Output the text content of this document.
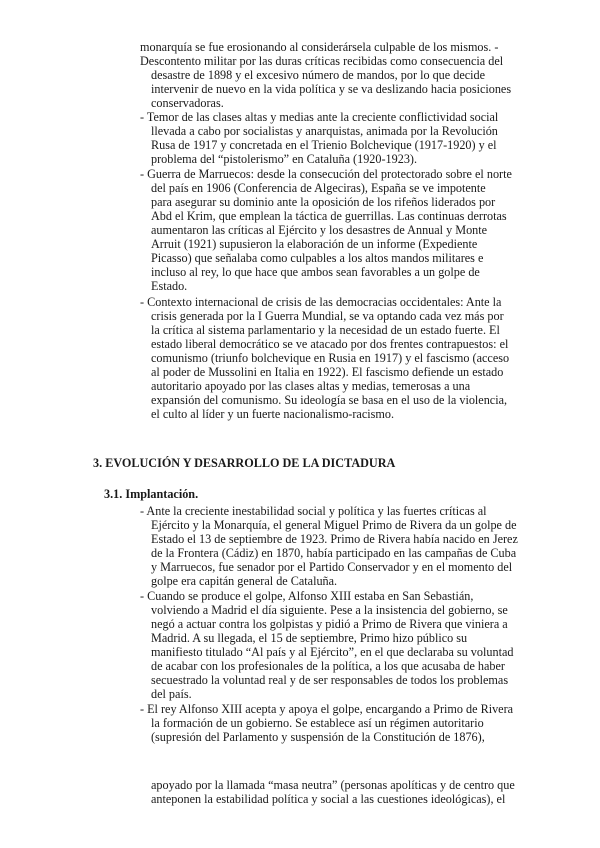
monarquía se fue erosionando al considerársela culpable de los mismos. -
Descontento militar por las duras críticas recibidas como consecuencia del
desastre de 1898 y el excesivo número de mandos, por lo que decide
intervenir de nuevo en la vida política y se va deslizando hacia posiciones
conservadoras.
- Temor de las clases altas y medias ante la creciente conflictividad social
llevada a cabo por socialistas y anarquistas, animada por la Revolución
Rusa de 1917 y concretada en el Trienio Bolchevique (1917-1920) y el
problema del “pistolerismo” en Cataluña (1920-1923).
- Guerra de Marruecos: desde la consecución del protectorado sobre el norte
del país en 1906 (Conferencia de Algeciras), España se ve impotente
para asegurar su dominio ante la oposición de los rifeños liderados por
Abd el Krim, que emplean la táctica de guerrillas. Las continuas derrotas
aumentaron las críticas al Ejército y los desastres de Annual y Monte
Arruit (1921) supusieron la elaboración de un informe (Expediente
Picasso) que señalaba como culpables a los altos mandos militares e
incluso al rey, lo que hace que ambos sean favorables a un golpe de
Estado.
- Contexto internacional de crisis de las democracias occidentales: Ante la
crisis generada por la I Guerra Mundial, se va optando cada vez más por
la crítica al sistema parlamentario y la necesidad de un estado fuerte. El
estado liberal democrático se ve atacado por dos frentes contrapuestos: el
comunismo (triunfo bolchevique en Rusia en 1917) y el fascismo (acceso
al poder de Mussolini en Italia en 1922). El fascismo defiende un estado
autoritario apoyado por las clases altas y medias, temerosas a una
expansión del comunismo. Su ideología se basa en el uso de la violencia,
el culto al líder y un fuerte nacionalismo-racismo.
3. EVOLUCIÓN Y DESARROLLO DE LA DICTADURA
3.1. Implantación.
- Ante la creciente inestabilidad social y política y las fuertes críticas al
Ejército y la Monarquía, el general Miguel Primo de Rivera da un golpe de
Estado el 13 de septiembre de 1923. Primo de Rivera había nacido en Jerez
de la Frontera (Cádiz) en 1870, había participado en las campañas de Cuba
y Marruecos, fue senador por el Partido Conservador y en el momento del
golpe era capitán general de Cataluña.
- Cuando se produce el golpe, Alfonso XIII estaba en San Sebastián,
volviendo a Madrid el día siguiente. Pese a la insistencia del gobierno, se
negó a actuar contra los golpistas y pidió a Primo de Rivera que viniera a
Madrid. A su llegada, el 15 de septiembre, Primo hizo público su
manifiesto titulado “Al país y al Ejército”, en el que declaraba su voluntad
de acabar con los profesionales de la política, a los que acusaba de haber
secuestrado la voluntad real y de ser responsables de todos los problemas
del país.
- El rey Alfonso XIII acepta y apoya el golpe, encargando a Primo de Rivera
la formación de un gobierno. Se establece así un régimen autoritario
(supresión del Parlamento y suspensión de la Constitución de 1876),
apoyado por la llamada “masa neutra” (personas apolíticas y de centro que
anteponen la estabilidad política y social a las cuestiones ideológicas), el
